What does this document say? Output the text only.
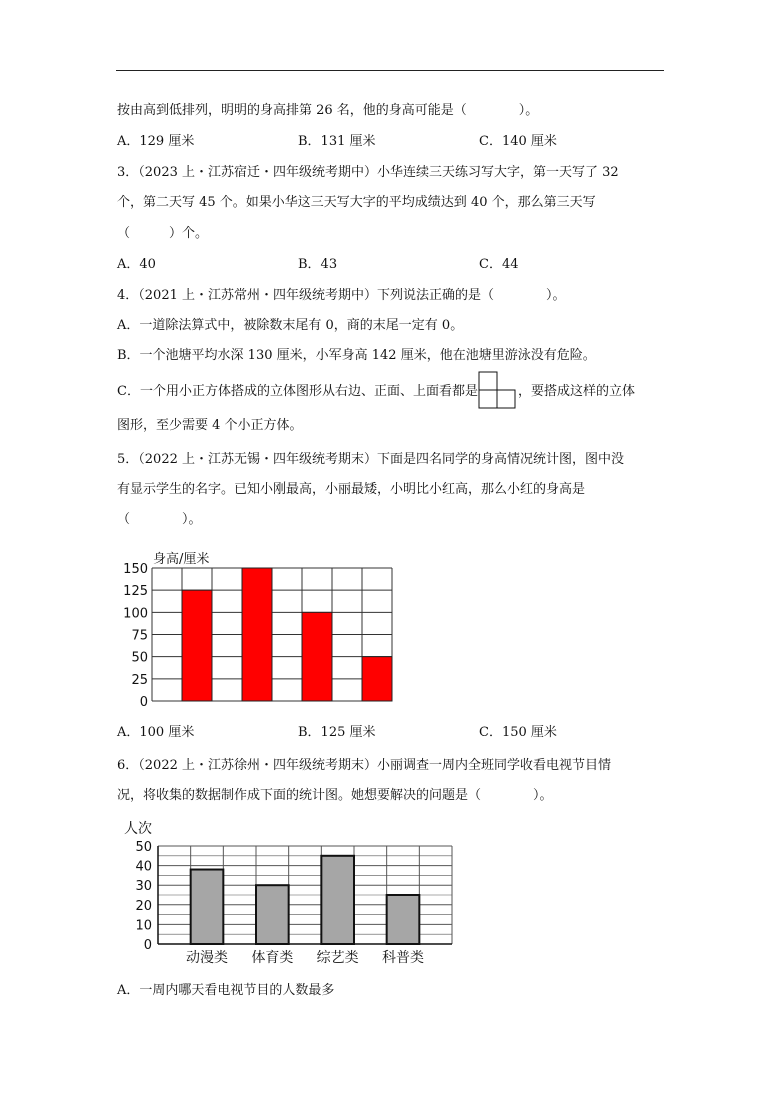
按由高到低排列，明明的身高排第 26 名，他的身高可能是（　　　　）。
A．129 厘米	B．131 厘米	C．140 厘米
3．（2023 上・江苏宿迁・四年级统考期中）小华连续三天练习写大字，第一天写了 32
个，第二天写 45 个。如果小华这三天写大字的平均成绩达到 40 个，那么第三天写
（　　　）个。
A．40	B．43	C．44
4．（2021 上・江苏常州・四年级统考期中）下列说法正确的是（　　　　）。
A．一道除法算式中，被除数末尾有 0，商的末尾一定有 0。
B．一个池塘平均水深 130 厘米，小军身高 142 厘米，他在池塘里游泳没有危险。
C．一个用小正方体搭成的立体图形从右边、正面、上面看都是	，要搭成这样的立体
图形，至少需要 4 个小正方体。
5．（2022 上・江苏无锡・四年级统考期末）下面是四名同学的身高情况统计图，图中没
有显示学生的名字。已知小刚最高，小丽最矮，小明比小红高，那么小红的身高是
（　　　　）。
身高/厘米
0
25
50
75
100
125
150
A．100 厘米	B．125 厘米	C．150 厘米
6．（2022 上・江苏徐州・四年级统考期末）小丽调查一周内全班同学收看电视节目情
况，将收集的数据制作成下面的统计图。她想要解决的问题是（　　　　）。
人次
0
10
20
30
40
50
动漫类 体育类 综艺类 科普类
A．一周内哪天看电视节目的人数最多
